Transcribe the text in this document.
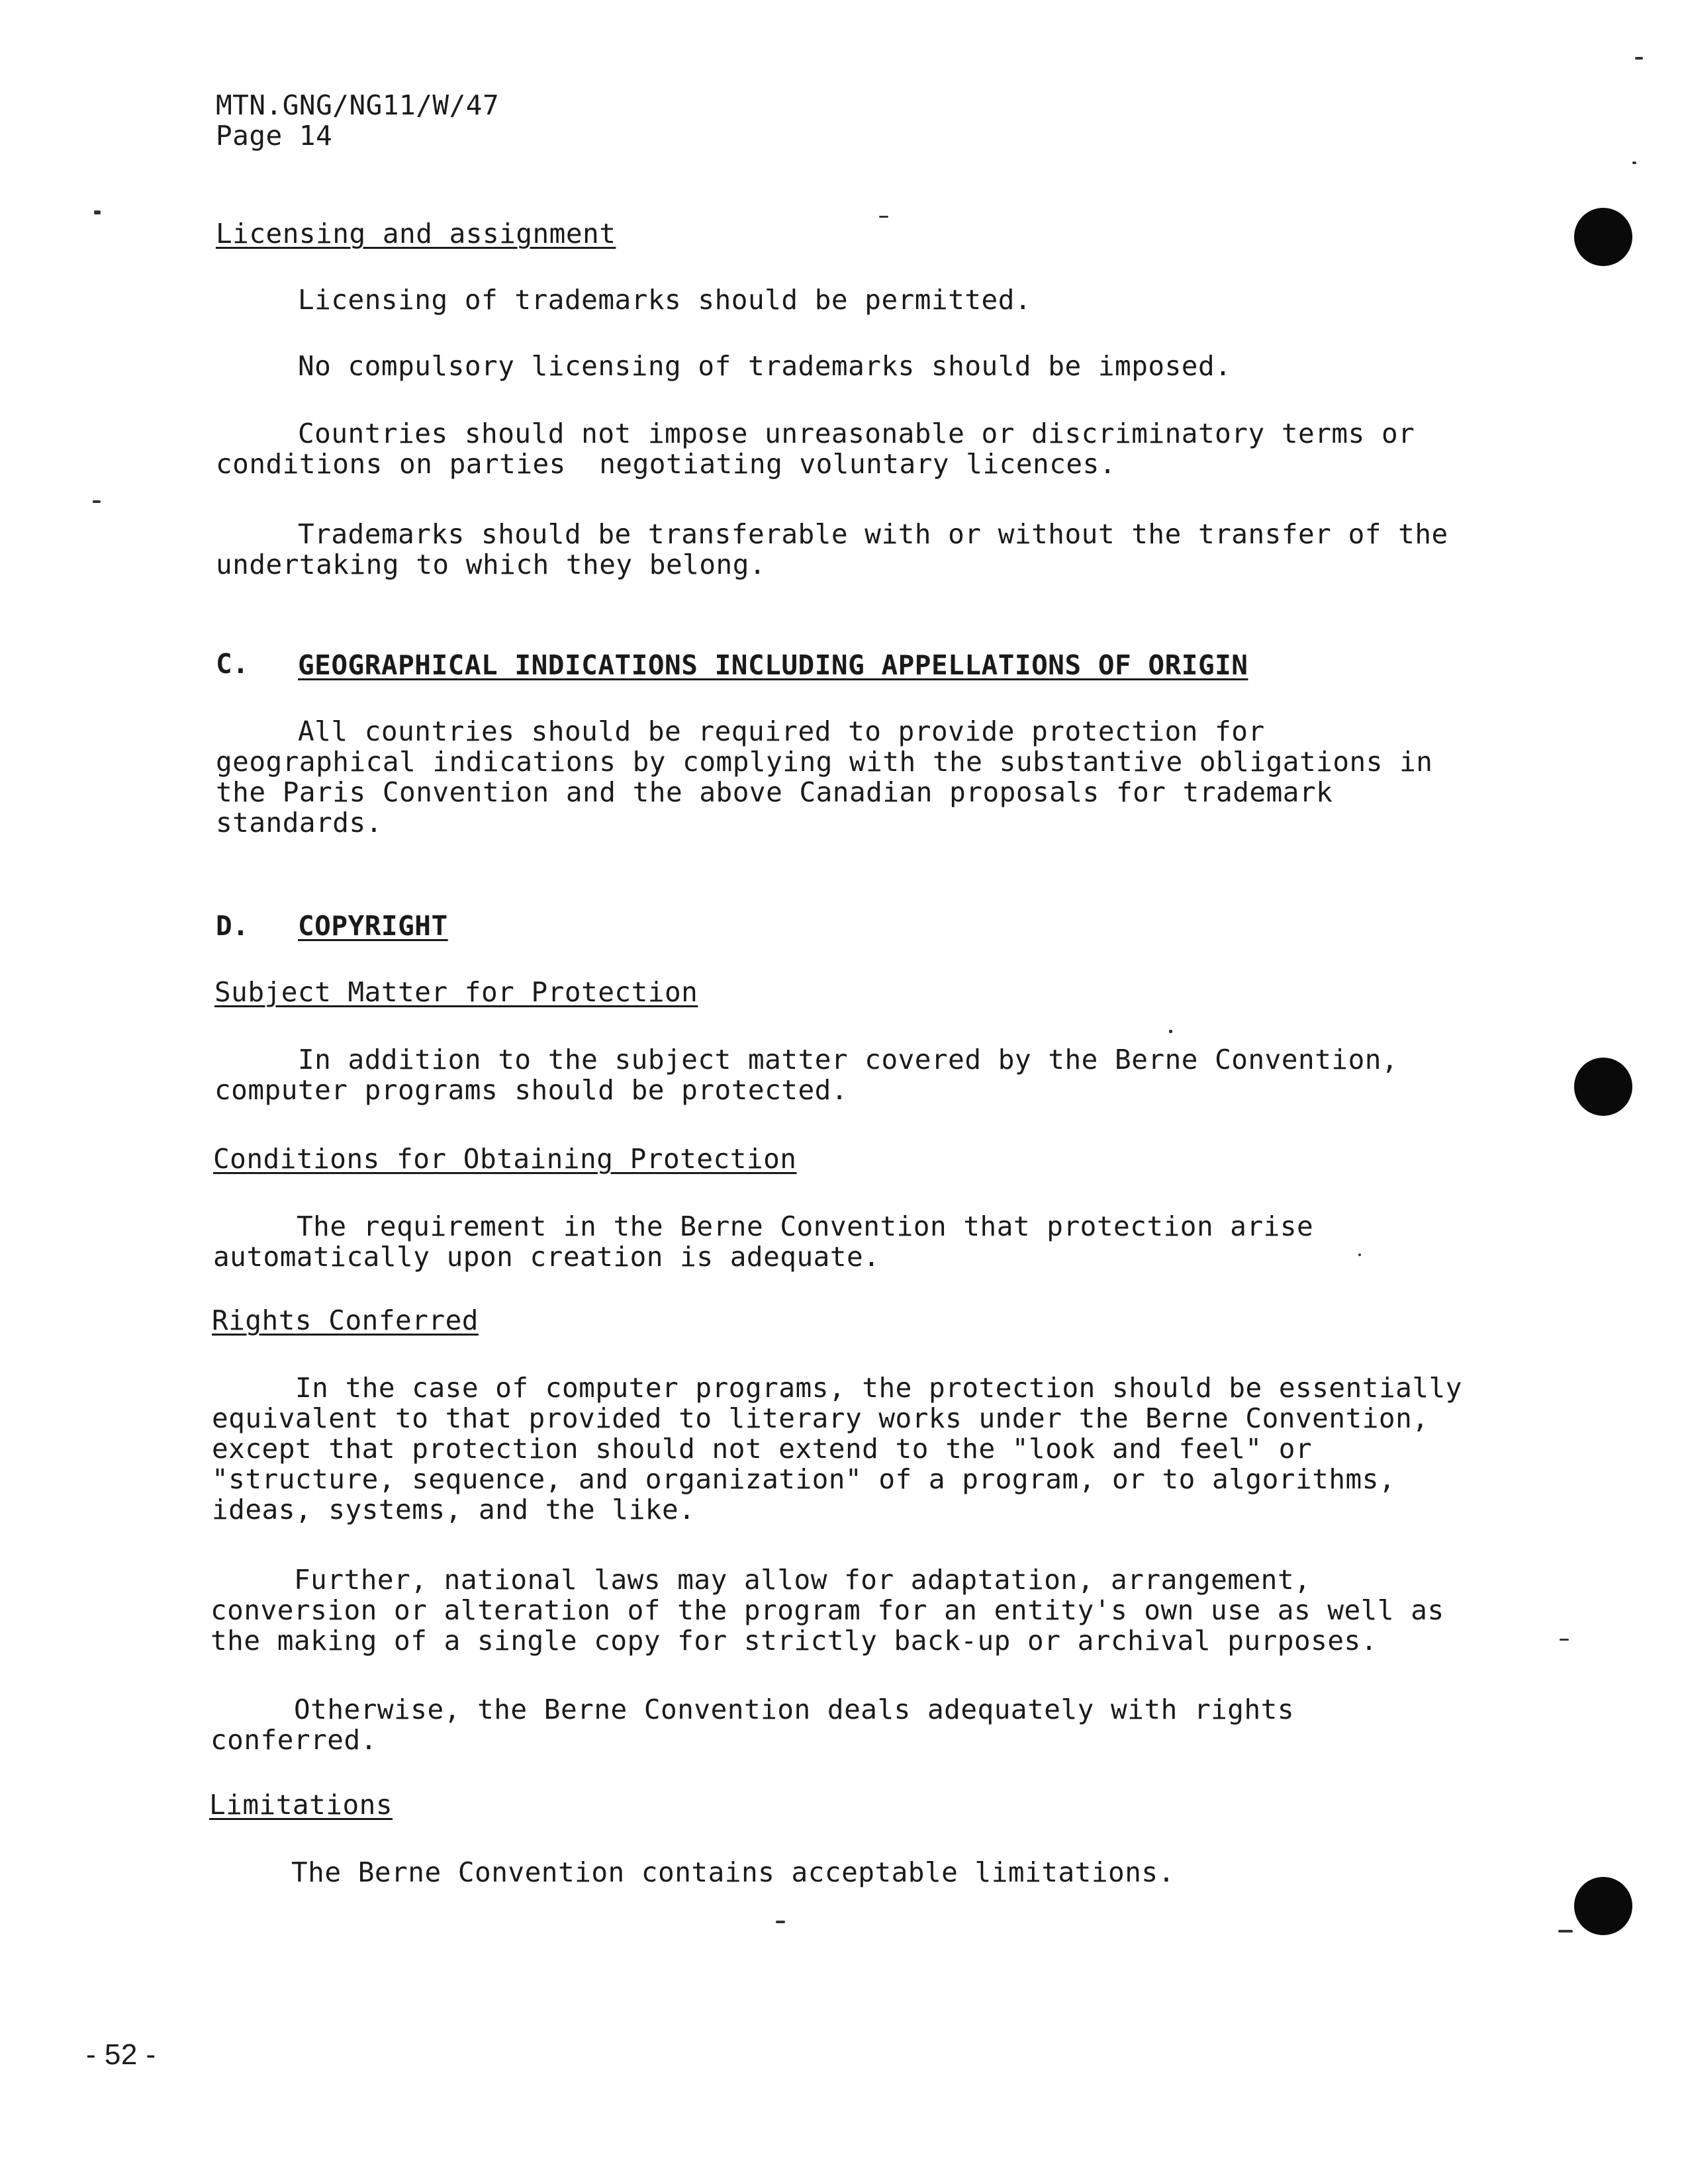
MTN.GNG/NG11/W/47
Page 14
Licensing and assignment
Licensing of trademarks should be permitted.
No compulsory licensing of trademarks should be imposed.
Countries should not impose unreasonable or discriminatory terms or
conditions on parties  negotiating voluntary licences.
Trademarks should be transferable with or without the transfer of the
undertaking to which they belong.
C. GEOGRAPHICAL INDICATIONS INCLUDING APPELLATIONS OF ORIGIN
All countries should be required to provide protection for
geographical indications by complying with the substantive obligations in
the Paris Convention and the above Canadian proposals for trademark
standards.
D. COPYRIGHT
Subject Matter for Protection
In addition to the subject matter covered by the Berne Convention,
computer programs should be protected.
Conditions for Obtaining Protection
The requirement in the Berne Convention that protection arise
automatically upon creation is adequate.
Rights Conferred
In the case of computer programs, the protection should be essentially
equivalent to that provided to literary works under the Berne Convention,
except that protection should not extend to the "look and feel" or
"structure, sequence, and organization" of a program, or to algorithms,
ideas, systems, and the like.
Further, national laws may allow for adaptation, arrangement,
conversion or alteration of the program for an entity's own use as well as
the making of a single copy for strictly back-up or archival purposes.
Otherwise, the Berne Convention deals adequately with rights
conferred.
Limitations
The Berne Convention contains acceptable limitations.
- 52 -
